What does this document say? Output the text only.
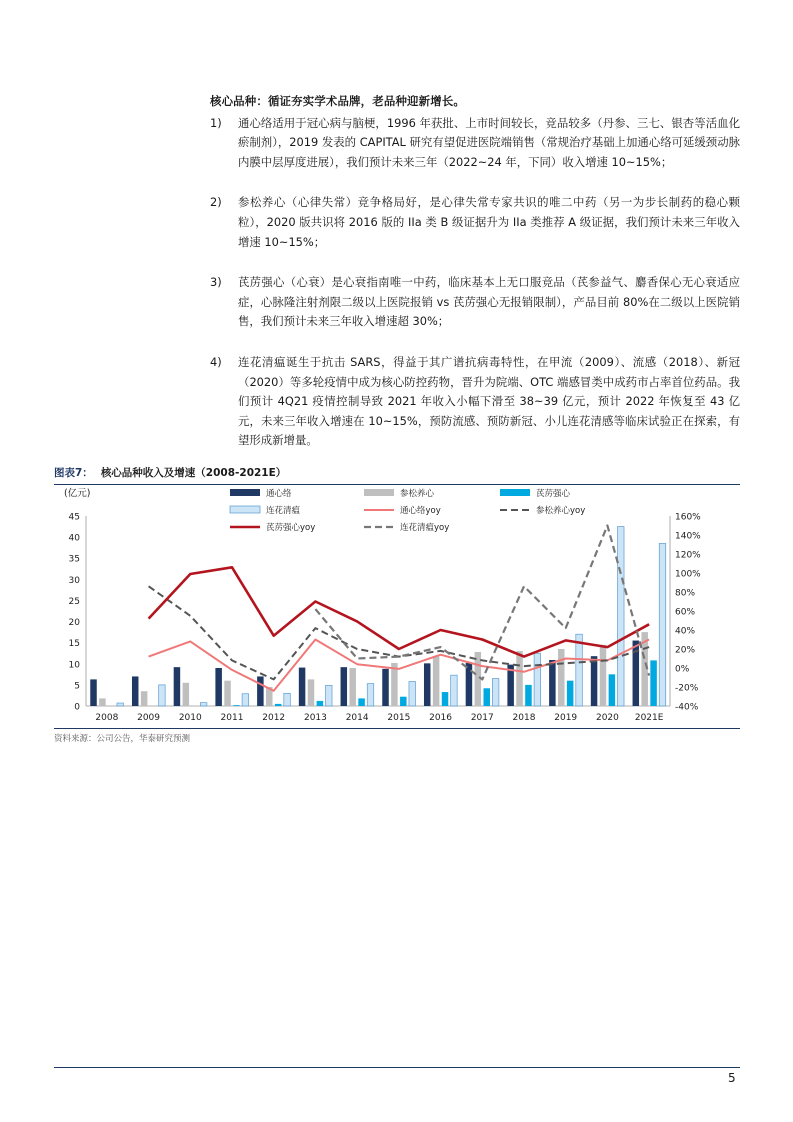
核心品种：循证夯实学术品牌，老品种迎新增长。
1)	通心络适用于冠心病与脑梗，1996 年获批、上市时间较长，竞品较多（丹参、三七、银杏等活血化瘀制剂），2019 发表的 CAPITAL 研究有望促进医院端销售（常规治疗基础上加通心络可延缓颈动脉内膜中层厚度进展），我们预计未来三年（2022~24 年，下同）收入增速 10~15%；
2)	参松养心（心律失常）竞争格局好，是心律失常专家共识的唯二中药（另一为步长制药的稳心颗粒），2020 版共识将 2016 版的 IIa 类 B 级证据升为 IIa 类推荐 A 级证据，我们预计未来三年收入增速 10~15%；
3)	芪苈强心（心衰）是心衰指南唯一中药，临床基本上无口服竞品（芪参益气、麝香保心无心衰适应症，心脉隆注射剂限二级以上医院报销 vs 芪苈强心无报销限制），产品目前 80%在二级以上医院销售，我们预计未来三年收入增速超 30%；
4)	连花清瘟诞生于抗击 SARS，得益于其广谱抗病毒特性，在甲流（2009）、流感（2018）、新冠（2020）等多轮疫情中成为核心防控药物，晋升为院端、OTC 端感冒类中成药市占率首位药品。我们预计 4Q21 疫情控制导致 2021 年收入小幅下滑至 38~39 亿元，预计 2022 年恢复至 43 亿元，未来三年收入增速在 10~15%，预防流感、预防新冠、小儿连花清感等临床试验正在探索，有望形成新增量。
图表7： 核心品种收入及增速（2008-2021E）
(亿元)
0
5
10
15
20
25
30
35
40
45
-40%
-20%
0%
20%
40%
60%
80%
100%
120%
140%
160%
2008 2009 2010 2011 2012 2013 2014 2015 2016 2017 2018 2019 2020 2021E
通心络	参松养心	芪苈强心
连花清瘟	通心络yoy	参松养心yoy
芪苈强心yoy	连花清瘟yoy
资料来源：公司公告，华泰研究预测
5
